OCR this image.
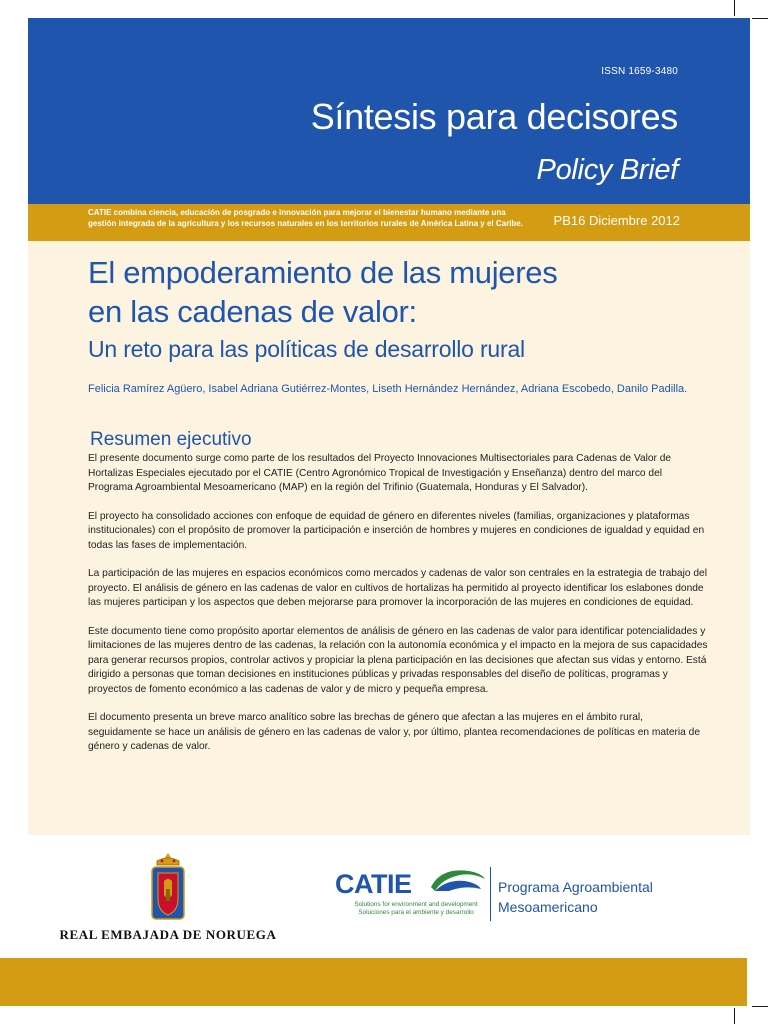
ISSN 1659-3480
Síntesis para decisores
Policy Brief
CATIE combina ciencia, educación de posgrado e innovación para mejorar el bienestar humano mediante una gestión integrada de la agricultura y los recursos naturales en los territorios rurales de América Latina y el Caribe.	PB16 Diciembre 2012
El empoderamiento de las mujeres
en las cadenas de valor:
Un reto para las políticas de desarrollo rural
Felicia Ramírez Agüero, Isabel Adriana Gutiérrez-Montes, Liseth Hernández Hernández, Adriana Escobedo, Danilo Padilla.
Resumen ejecutivo

El presente documento surge como parte de los resultados del Proyecto Innovaciones Multisectoriales para Cadenas de Valor de Hortalizas Especiales ejecutado por el CATIE (Centro Agronómico Tropical de Investigación y Enseñanza) dentro del marco del Programa Agroambiental Mesoamericano (MAP) en la región del Trifinio (Guatemala, Honduras y El Salvador).

El proyecto ha consolidado acciones con enfoque de equidad de género en diferentes niveles (familias, organizaciones y plataformas institucionales) con el propósito de promover la participación e inserción de hombres y mujeres en condiciones de igualdad y equidad en todas las fases de implementación.

La participación de las mujeres en espacios económicos como mercados y cadenas de valor son centrales en la estrategia de trabajo del proyecto. El análisis de género en las cadenas de valor en cultivos de hortalizas ha permitido al proyecto identificar los eslabones donde las mujeres participan y los aspectos que deben mejorarse para promover la incorporación de las mujeres en condiciones de equidad.

Este documento tiene como propósito aportar elementos de análisis de género en las cadenas de valor para identificar potencialidades y limitaciones de las mujeres dentro de las cadenas, la relación con la autonomía económica y el impacto en la mejora de sus capacidades para generar recursos propios, controlar activos y propiciar la plena participación en las decisiones que afectan sus vidas y entorno. Está dirigido a personas que toman decisiones en instituciones públicas y privadas responsables del diseño de políticas, programas y proyectos de fomento económico a las cadenas de valor y de micro y pequeña empresa.

El documento presenta un breve marco analítico sobre las brechas de género que afectan a las mujeres en el ámbito rural, seguidamente se hace un análisis de género en las cadenas de valor y, por último, plantea recomendaciones de políticas en materia de género y cadenas de valor.

REAL EMBAJADA DE NORUEGA
CATIE
Solutions for environment and development
Soluciones para el ambiente y desarrollo
Programa Agroambiental
Mesoamericano
